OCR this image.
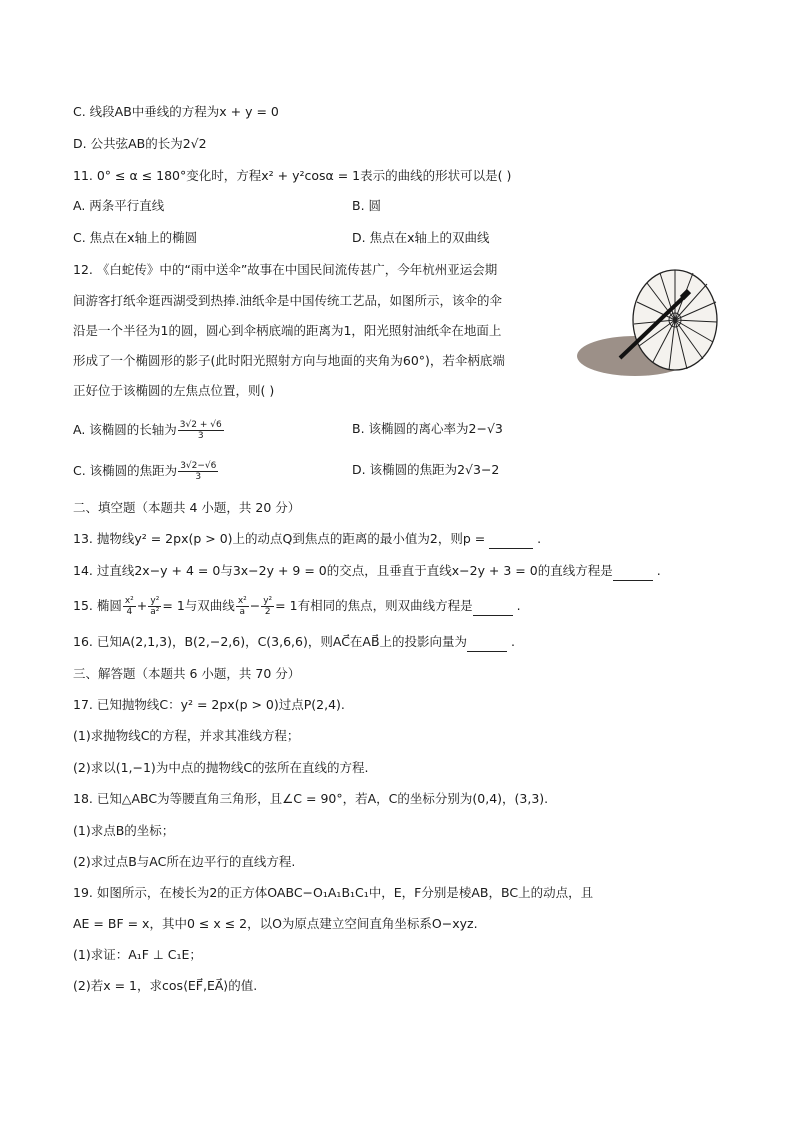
C. 线段AB中垂线的方程为x + y = 0
D. 公共弦AB的长为2√2
11. 0° ≤ α ≤ 180°变化时，方程x² + y²cosα = 1表示的曲线的形状可以是( )
A. 两条平行直线	B. 圆
C. 焦点在x轴上的椭圆	D. 焦点在x轴上的双曲线
12. 《白蛇传》中的“雨中送伞”故事在中国民间流传甚广，今年杭州亚运会期
间游客打纸伞逛西湖受到热捧.油纸伞是中国传统工艺品，如图所示，该伞的伞
沿是一个半径为1的圆，圆心到伞柄底端的距离为1，阳光照射油纸伞在地面上
形成了一个椭圆形的影子(此时阳光照射方向与地面的夹角为60°)，若伞柄底端
正好位于该椭圆的左焦点位置，则( )
A. 该椭圆的长轴为 $\frac{3√2 + √6}{3}$	B. 该椭圆的离心率为2−√3
C. 该椭圆的焦距为 $\frac{3√2-√6}{3}$	D. 该椭圆的焦距为2√3−2
二、填空题（本题共 4 小题，共 20 分）
13. 抛物线y² = 2px(p > 0)上的动点Q到焦点的距离的最小值为2，则p =	.
14. 过直线2x−y + 4 = 0与3x−2y + 9 = 0的交点，且垂直于直线x−2y + 3 = 0的直线方程是	.
15. 椭圆 $\frac{\text{x²}}{4} + \frac{\text{y²}}{\text{a²}} = 1$与双曲线 $\frac{\text{x²}}{a} - \frac{\text{y²}}{2} = 1$有相同的焦点，则双曲线方程是	.
16. 已知A(2,1,3)，B(2,−2,6)，C(3,6,6)，则AC⃗在AB⃗上的投影向量为	.
三、解答题（本题共 6 小题，共 70 分）
17. 已知抛物线C：y² = 2px(p > 0)过点P(2,4).
(1)求抛物线C的方程，并求其准线方程；
(2)求以(1,−1)为中点的抛物线C的弦所在直线的方程.
18. 已知△ABC为等腰直角三角形，且∠C = 90°，若A，C的坐标分别为(0,4)，(3,3).
(1)求点B的坐标；
(2)求过点B与AC所在边平行的直线方程.
19. 如图所示，在棱长为2的正方体OABC−O₁A₁B₁C₁中，E，F分别是棱AB，BC上的动点，且
AE = BF = x，其中0 ≤ x ≤ 2，以O为原点建立空间直角坐标系O−xyz.
(1)求证：A₁F ⊥ C₁E；
(2)若x = 1，求cos⟨EF⃗,EA⃗⟩的值.
